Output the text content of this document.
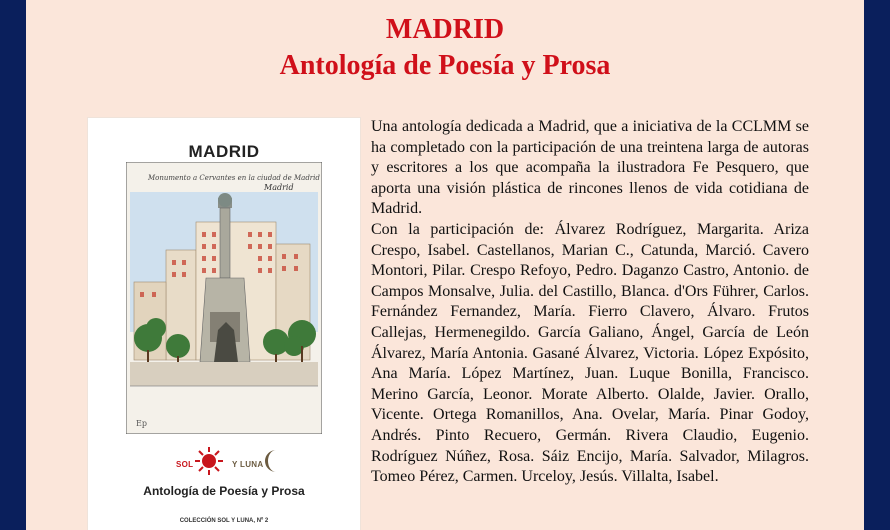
MADRID
Antología de Poesía y Prosa
MADRID
Monumento a Cervantes en la ciudad de Madrid
Madrid
Ep
SOL	Y LUNA
Antología de Poesía y Prosa
COLECCIÓN SOL Y LUNA, Nº 2

Una antología dedicada a Madrid, que a iniciativa de la CCLMM se ha completado con la participación de una treintena larga de autoras y escritores a los que acompaña la ilustradora Fe Pesquero, que aporta una visión plástica de rincones llenos de vida cotidiana de Madrid.

Con la participación de: Álvarez Rodríguez, Margarita. Ariza Crespo, Isabel. Castellanos, Marian C., Catunda, Marció. Cavero Montori, Pilar. Crespo Refoyo, Pedro. Daganzo Castro, Antonio. de Campos Monsalve, Julia. del Castillo, Blanca. d'Ors Führer, Carlos. Fernández Fernandez, María. Fierro Clavero, Álvaro. Frutos Callejas, Hermenegildo. García Galiano, Ángel, García de León Álvarez, María Antonia. Gasané Álvarez, Victoria. López Expósito, Ana María. López Martínez, Juan. Luque Bonilla, Francisco. Merino García, Leonor. Morate Alberto. Olalde, Javier. Orallo, Vicente. Ortega Romanillos, Ana. Ovelar, María. Pinar Godoy, Andrés. Pinto Recuero, Germán. Rivera Claudio, Eugenio. Rodríguez Núñez, Rosa. Sáiz Encijo, María. Salvador, Milagros. Tomeo Pérez, Carmen. Urceloy, Jesús. Villalta, Isabel.
